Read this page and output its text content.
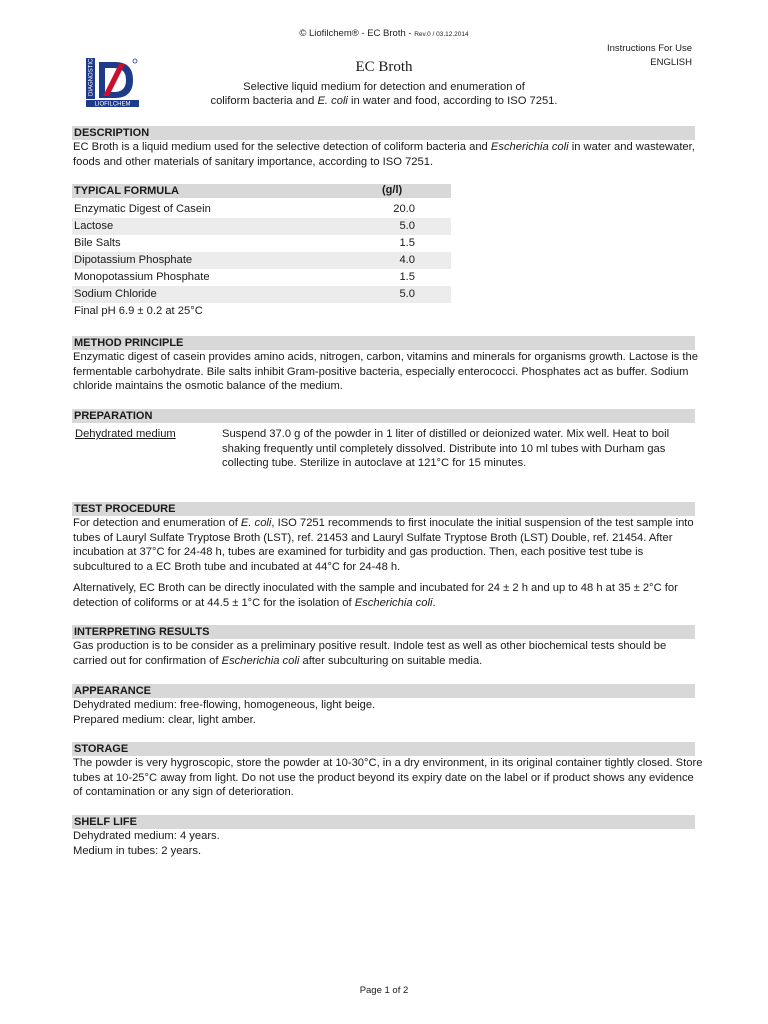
© Liofilchem® - EC Broth - Rev.0 / 03.12.2014
DIAGNOSTICI
LIOFILCHEM
Instructions For Use
ENGLISH
EC Broth
Selective liquid medium for detection and enumeration of
coliform bacteria and E. coli in water and food, according to ISO 7251.
DESCRIPTION
EC Broth is a liquid medium used for the selective detection of coliform bacteria and Escherichia coli in water and wastewater, foods and other materials of sanitary importance, according to ISO 7251.
TYPICAL FORMULA	(g/l)
Enzymatic Digest of Casein	20.0
Lactose	5.0
Bile Salts	1.5
Dipotassium Phosphate	4.0
Monopotassium Phosphate	1.5
Sodium Chloride	5.0
Final pH 6.9 ± 0.2 at 25°C	
METHOD PRINCIPLE
Enzymatic digest of casein provides amino acids, nitrogen, carbon, vitamins and minerals for organisms growth. Lactose is the fermentable carbohydrate. Bile salts inhibit Gram-positive bacteria, especially enterococci. Phosphates act as buffer. Sodium chloride maintains the osmotic balance of the medium.
PREPARATION
Dehydrated medium	Suspend 37.0 g of the powder in 1 liter of distilled or deionized water. Mix well. Heat to boil shaking frequently until completely dissolved. Distribute into 10 ml tubes with Durham gas collecting tube. Sterilize in autoclave at 121°C for 15 minutes.
TEST PROCEDURE
For detection and enumeration of E. coli, ISO 7251 recommends to first inoculate the initial suspension of the test sample into tubes of Lauryl Sulfate Tryptose Broth (LST), ref. 21453 and Lauryl Sulfate Tryptose Broth (LST) Double, ref. 21454. After incubation at 37°C for 24-48 h, tubes are examined for turbidity and gas production. Then, each positive test tube is subcultured to a EC Broth tube and incubated at 44°C for 24-48 h.
Alternatively, EC Broth can be directly inoculated with the sample and incubated for 24 ± 2 h and up to 48 h at 35 ± 2°C for detection of coliforms or at 44.5 ± 1°C for the isolation of Escherichia coli.
INTERPRETING RESULTS
Gas production is to be consider as a preliminary positive result. Indole test as well as other biochemical tests should be carried out for confirmation of Escherichia coli after subculturing on suitable media.
APPEARANCE
Dehydrated medium: free-flowing, homogeneous, light beige.
Prepared medium: clear, light amber.
STORAGE
The powder is very hygroscopic, store the powder at 10-30°C, in a dry environment, in its original container tightly closed. Store tubes at 10-25°C away from light. Do not use the product beyond its expiry date on the label or if product shows any evidence of contamination or any sign of deterioration.
SHELF LIFE
Dehydrated medium: 4 years.
Medium in tubes: 2 years.
Page 1 of 2
